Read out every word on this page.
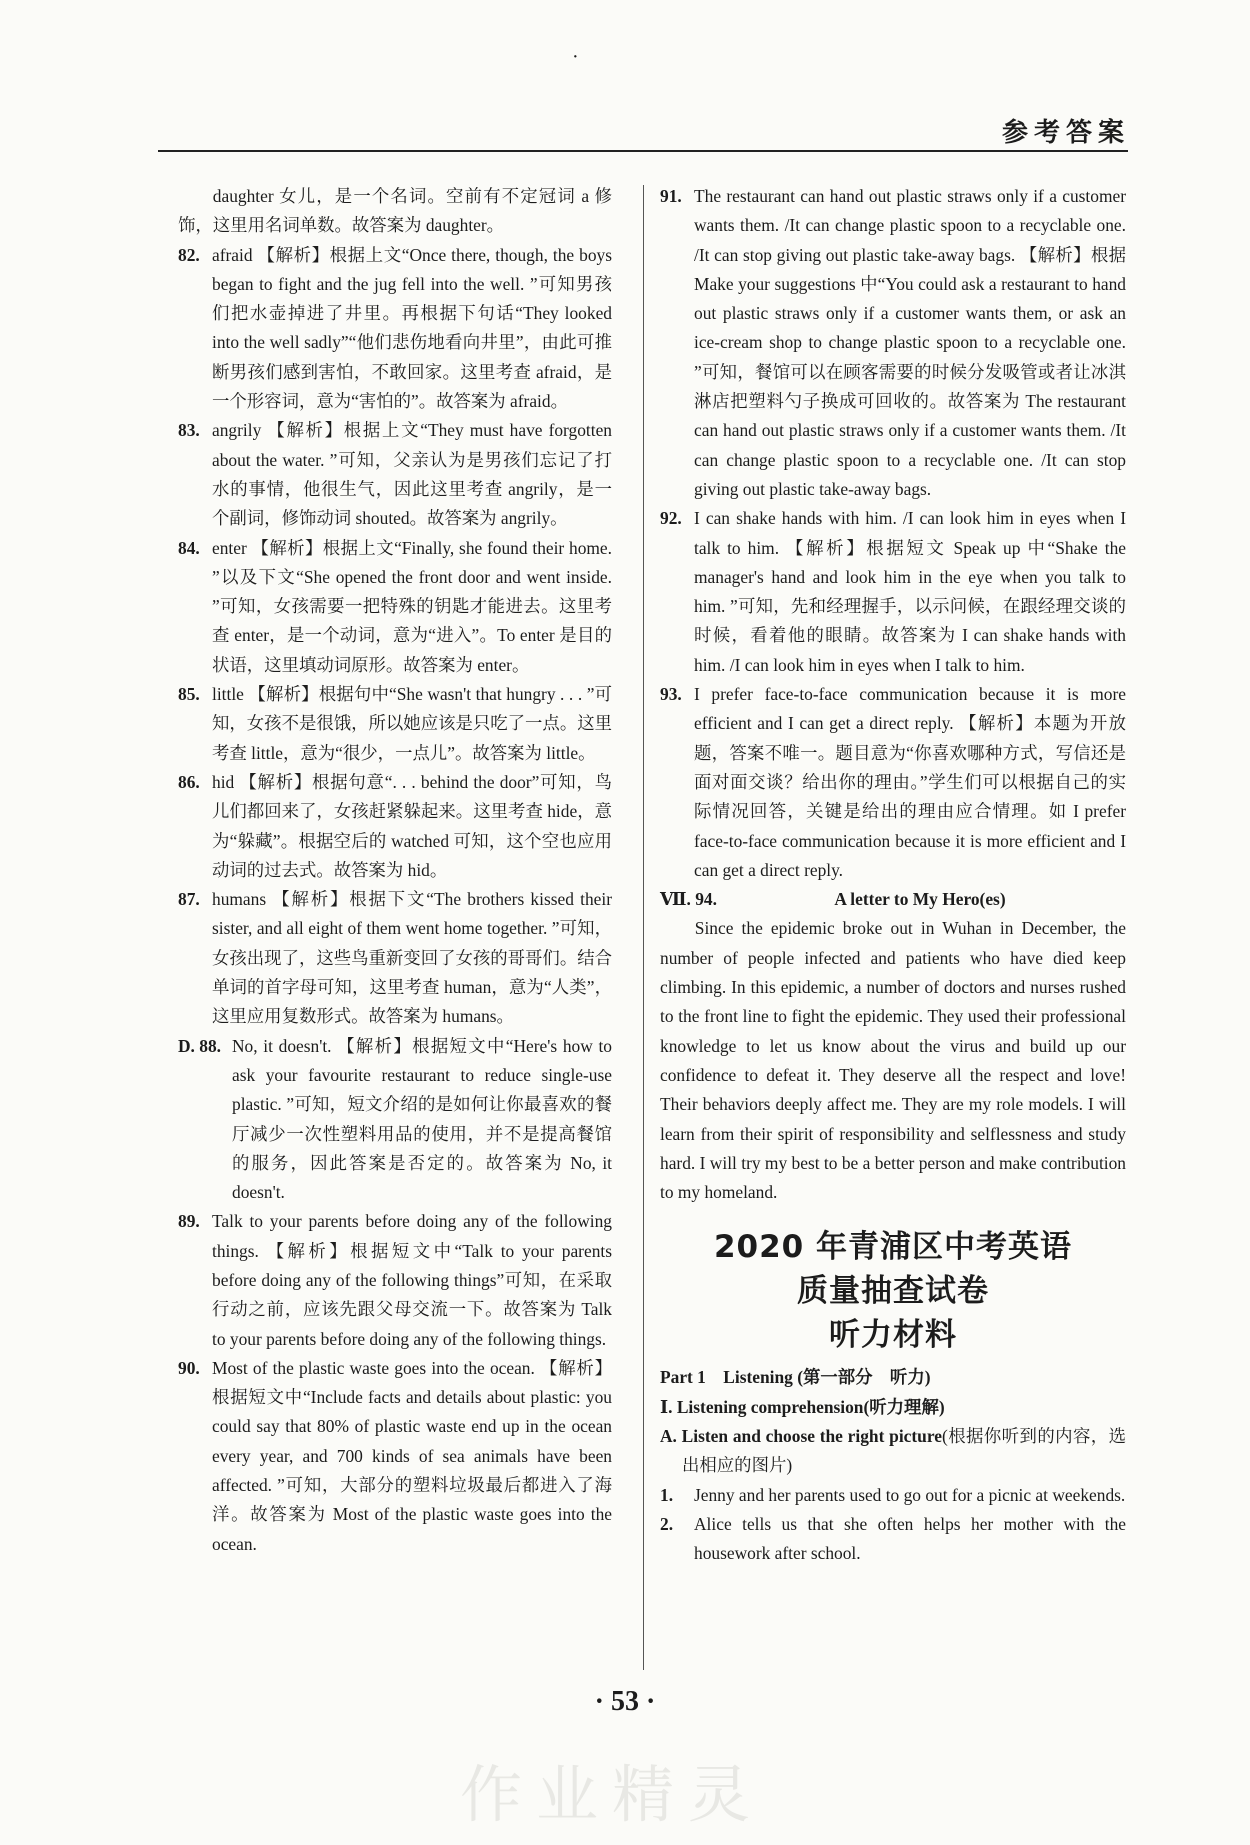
·
参考答案

daughter 女儿，是一个名词。空前有不定冠词 a 修饰，这里用名词单数。故答案为 daughter。

82. afraid 【解析】根据上文“Once there, though, the boys began to fight and the jug fell into the well. ”可知男孩们把水壶掉进了井里。再根据下句话“They looked into the well sadly”“他们悲伤地看向井里”，由此可推断男孩们感到害怕，不敢回家。这里考查 afraid，是一个形容词，意为“害怕的”。故答案为 afraid。
83. angrily 【解析】根据上文“They must have forgotten about the water. ”可知，父亲认为是男孩们忘记了打水的事情，他很生气，因此这里考查 angrily，是一个副词，修饰动词 shouted。故答案为 angrily。
84. enter 【解析】根据上文“Finally, she found their home. ”以及下文“She opened the front door and went inside. ”可知，女孩需要一把特殊的钥匙才能进去。这里考查 enter，是一个动词，意为“进入”。To enter 是目的状语，这里填动词原形。故答案为 enter。
85. little 【解析】根据句中“She wasn't that hungry . . . ”可知，女孩不是很饿，所以她应该是只吃了一点。这里考查 little，意为“很少，一点儿”。故答案为 little。
86. hid 【解析】根据句意“. . . behind the door”可知，鸟儿们都回来了，女孩赶紧躲起来。这里考查 hide，意为“躲藏”。根据空后的 watched 可知，这个空也应用动词的过去式。故答案为 hid。
87. humans 【解析】根据下文“The brothers kissed their sister, and all eight of them went home together. ”可知，女孩出现了，这些鸟重新变回了女孩的哥哥们。结合单词的首字母可知，这里考查 human，意为“人类”，这里应用复数形式。故答案为 humans。
D. 88. No, it doesn't. 【解析】根据短文中“Here's how to ask your favourite restaurant to reduce single-use plastic. ”可知，短文介绍的是如何让你最喜欢的餐厅减少一次性塑料用品的使用，并不是提高餐馆的服务，因此答案是否定的。故答案为 No, it doesn't.
89. Talk to your parents before doing any of the following things. 【解析】根据短文中“Talk to your parents before doing any of the following things”可知，在采取行动之前，应该先跟父母交流一下。故答案为 Talk to your parents before doing any of the following things.
90. Most of the plastic waste goes into the ocean. 【解析】根据短文中“Include facts and details about plastic: you could say that 80% of plastic waste end up in the ocean every year, and 700 kinds of sea animals have been affected. ”可知，大部分的塑料垃圾最后都进入了海洋。故答案为 Most of the plastic waste goes into the ocean.
91. The restaurant can hand out plastic straws only if a customer wants them. /It can change plastic spoon to a recyclable one. /It can stop giving out plastic take-away bags. 【解析】根据 Make your suggestions 中“You could ask a restaurant to hand out plastic straws only if a customer wants them, or ask an ice-cream shop to change plastic spoon to a recyclable one. ”可知，餐馆可以在顾客需要的时候分发吸管或者让冰淇淋店把塑料勺子换成可回收的。故答案为 The restaurant can hand out plastic straws only if a customer wants them. /It can change plastic spoon to a recyclable one. /It can stop giving out plastic take-away bags.
92. I can shake hands with him. /I can look him in eyes when I talk to him. 【解析】根据短文 Speak up 中“Shake the manager's hand and look him in the eye when you talk to him. ”可知，先和经理握手，以示问候，在跟经理交谈的时候，看着他的眼睛。故答案为 I can shake hands with him. /I can look him in eyes when I talk to him.
93. I prefer face-to-face communication because it is more efficient and I can get a direct reply. 【解析】本题为开放题，答案不唯一。题目意为“你喜欢哪种方式，写信还是面对面交谈？给出你的理由。”学生们可以根据自己的实际情况回答，关键是给出的理由应合情理。如 I prefer face-to-face communication because it is more efficient and I can get a direct reply.
Ⅶ. 94.	A letter to My Hero(es)

Since the epidemic broke out in Wuhan in December, the number of people infected and patients who have died keep climbing. In this epidemic, a number of doctors and nurses rushed to the front line to fight the epidemic. They used their professional knowledge to let us know about the virus and build up our confidence to defeat it. They deserve all the respect and love! Their behaviors deeply affect me. They are my role models. I will learn from their spirit of responsibility and selflessness and study hard. I will try my best to be a better person and make contribution to my homeland.

2020 年青浦区中考英语
质量抽查试卷
听力材料
Part 1　Listening (第一部分　听力)
Ⅰ. Listening comprehension(听力理解)
A. Listen and choose the right picture(根据你听到的内容，选出相应的图片)
1. Jenny and her parents used to go out for a picnic at weekends.
2. Alice tells us that she often helps her mother with the housework after school.
· 53 ·
作业精灵
